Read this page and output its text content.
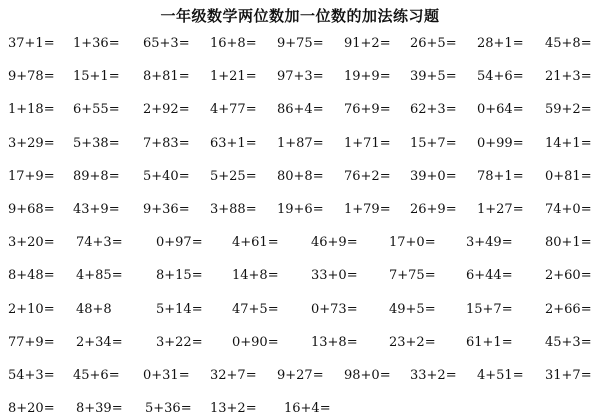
一年级数学两位数加一位数的加法练习题
37+1= 1+36= 65+3= 16+8= 9+75= 91+2= 26+5= 28+1= 45+8=
9+78= 15+1= 8+81= 1+21= 97+3= 19+9= 39+5= 54+6= 21+3=
1+18= 6+55= 2+92= 4+77= 86+4= 76+9= 62+3= 0+64= 59+2=
3+29= 5+38= 7+83= 63+1= 1+87= 1+71= 15+7= 0+99= 14+1=
17+9= 89+8= 5+40= 5+25= 80+8= 76+2= 39+0= 78+1= 0+81=
9+68= 43+9= 9+36= 3+88= 19+6= 1+79= 26+9= 1+27= 74+0=
3+20= 74+3=	0+97= 4+61= 46+9= 17+0= 3+49= 80+1=
8+48= 4+85=	8+15= 14+8= 33+0= 7+75= 6+44= 2+60=
2+10= 48+8	5+14= 47+5= 0+73= 49+5= 15+7= 2+66=
77+9= 2+34=	3+22= 0+90= 13+8= 23+2= 61+1= 45+3=
54+3= 45+6= 0+31= 32+7= 9+27= 98+0= 33+2= 4+51= 31+7=
8+20= 8+39= 5+36= 13+2= 16+4=
